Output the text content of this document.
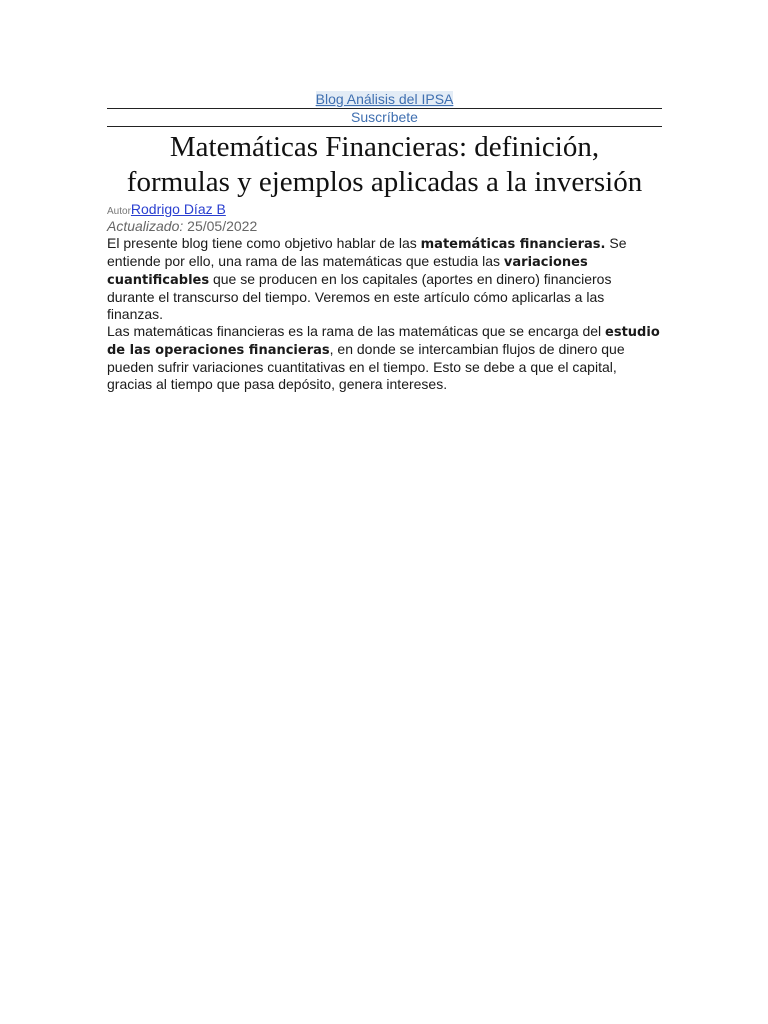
Blog Análisis del IPSA
Suscríbete
Matemáticas Financieras: definición,
formulas y ejemplos aplicadas a la inversión
AutorRodrigo Díaz B
Actualizado: 25/05/2022

El presente blog tiene como objetivo hablar de las matemáticas financieras. Se entiende por ello, una rama de las matemáticas que estudia las variaciones cuantificables que se producen en los capitales (aportes en dinero) financieros durante el transcurso del tiempo. Veremos en este artículo cómo aplicarlas a las finanzas.

Las matemáticas financieras es la rama de las matemáticas que se encarga del estudio de las operaciones financieras, en donde se intercambian flujos de dinero que pueden sufrir variaciones cuantitativas en el tiempo. Esto se debe a que el capital, gracias al tiempo que pasa depósito, genera intereses.
